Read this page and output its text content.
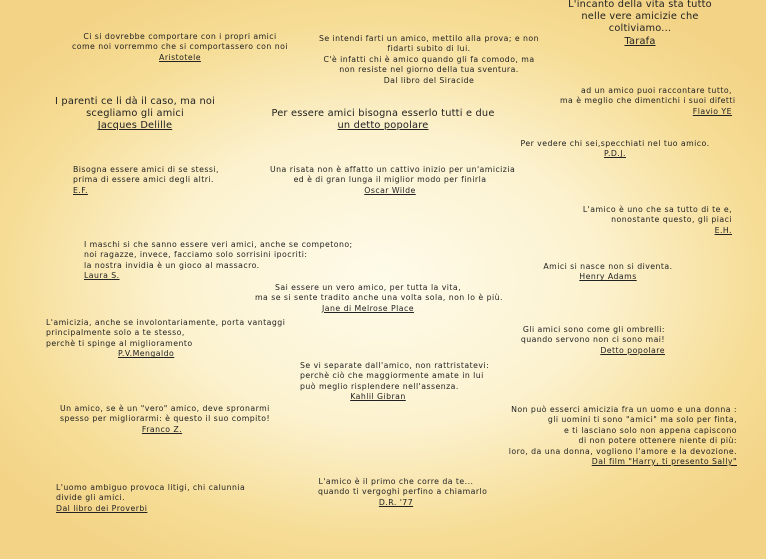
Ci si dovrebbe comportare con i propri amici
come noi vorremmo che si comportassero con noi
Aristotele
Se intendi farti un amico, mettilo alla prova; e non
fidarti subito di lui.
C'è infatti chi è amico quando gli fa comodo, ma
non resiste nel giorno della tua sventura.
Dal libro del Siracide
L'incanto della vita sta tutto
nelle vere amicizie che
coltiviamo...
Tarafa
I parenti ce li dà il caso, ma noi
scegliamo gli amici
Jacques Delille
Per essere amici bisogna esserlo tutti e due
un detto popolare
ad un amico puoi raccontare tutto,
ma è meglio che dimentichi i suoi difetti
Flavio YE
Per vedere chi sei,specchiati nel tuo amico.
P.D.J.
Bisogna essere amici di se stessi,
prima di essere amici degli altri.
E.F.
Una risata non è affatto un cattivo inizio per un'amicizia
ed è di gran lunga il miglior modo per finirla
Oscar Wilde
L'amico è uno che sa tutto di te e,
nonostante questo, gli piaci
E.H.
I maschi si che sanno essere veri amici, anche se competono;
noi ragazze, invece, facciamo solo sorrisini ipocriti:
la nostra invidia è un gioco al massacro.
Laura S.
Amici si nasce non si diventa.
Henry Adams
Sai essere un vero amico, per tutta la vita,
ma se si sente tradito anche una volta sola, non lo è più.
Jane di Melrose Place
L'amicizia, anche se involontariamente, porta vantaggi
principalmente solo a te stesso,
perchè ti spinge al miglioramento
P.V.Mengaldo
Gli amici sono come gli ombrelli:
quando servono non ci sono mai!
Detto popolare
Se vi separate dall'amico, non rattristatevi:
perchè ciò che maggiormente amate in lui
può meglio risplendere nell'assenza.
Kahlil Gibran
Un amico, se è un "vero" amico, deve spronarmi
spesso per migliorarmi: è questo il suo compito!
Franco Z.
Non può esserci amicizia fra un uomo e una donna :
gli uomini ti sono "amici" ma solo per finta,
e ti lasciano solo non appena capiscono
di non potere ottenere niente di più:
loro, da una donna, vogliono l'amore e la devozione.
Dal film "Harry, ti presento Sally"
L'uomo ambiguo provoca litigi, chi calunnia
divide gli amici.
Dal libro dei Proverbi
L'amico è il primo che corre da te...
quando ti vergoghi perfino a chiamarlo
D.R. '77
